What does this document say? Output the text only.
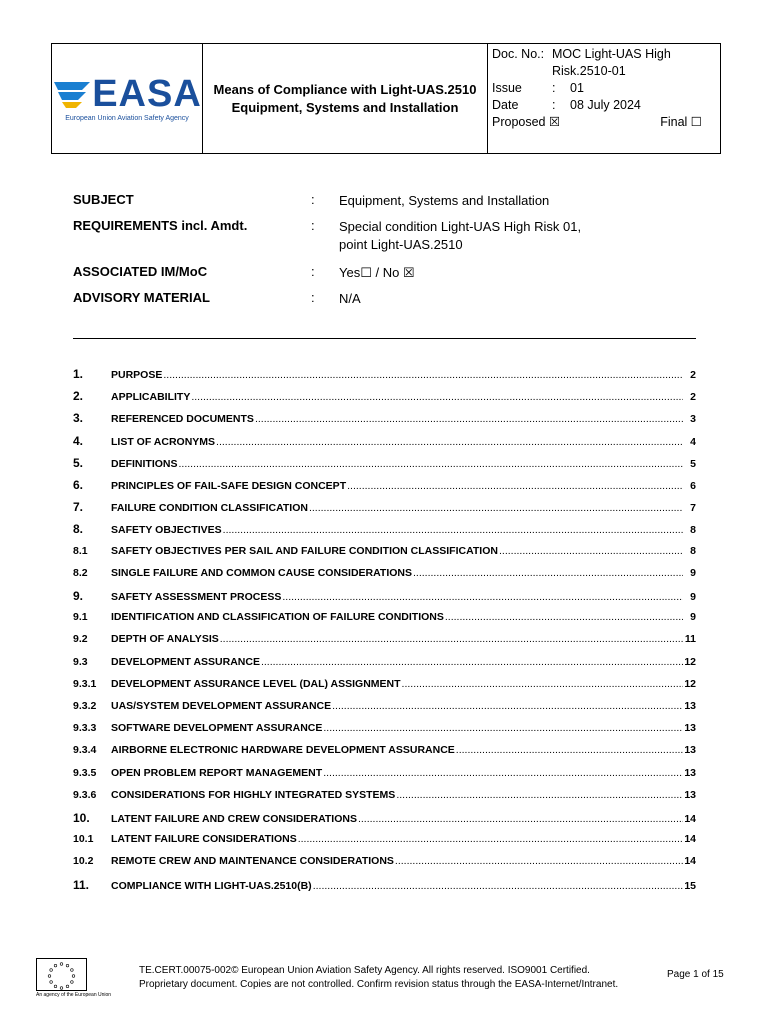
EASA
European Union Aviation Safety Agency
Means of Compliance with Light-UAS.2510
Equipment, Systems and Installation
Doc. No.: MOC Light-UAS High Risk.2510-01
Issue	:	01
Date	:	08 July 2024
Proposed ☒	Final ☐
SUBJECT	:	Equipment, Systems and Installation
REQUIREMENTS incl. Amdt.	:	Special condition Light-UAS High Risk 01,
point Light-UAS.2510
ASSOCIATED IM/MoC	:	Yes☐ / No ☒
ADVISORY MATERIAL	:	N/A
1.	PURPOSE .....	2
2.	APPLICABILITY .....	2
3.	REFERENCED DOCUMENTS .....	3
4.	LIST OF ACRONYMS .....	4
5.	DEFINITIONS .....	5
6.	PRINCIPLES OF FAIL-SAFE DESIGN CONCEPT .....	6
7.	FAILURE CONDITION CLASSIFICATION .....	7
8.	SAFETY OBJECTIVES .....	8
8.1	SAFETY OBJECTIVES PER SAIL AND FAILURE CONDITION CLASSIFICATION .....	8
8.2	SINGLE FAILURE AND COMMON CAUSE CONSIDERATIONS .....	9
9.	SAFETY ASSESSMENT PROCESS .....	9
9.1	IDENTIFICATION AND CLASSIFICATION OF FAILURE CONDITIONS .....	9
9.2	DEPTH OF ANALYSIS .....	11
9.3	DEVELOPMENT ASSURANCE .....	12
9.3.1	DEVELOPMENT ASSURANCE LEVEL (DAL) ASSIGNMENT .....	12
9.3.2	UAS/SYSTEM DEVELOPMENT ASSURANCE .....	13
9.3.3	SOFTWARE DEVELOPMENT ASSURANCE .....	13
9.3.4	AIRBORNE ELECTRONIC HARDWARE DEVELOPMENT ASSURANCE .....	13
9.3.5	OPEN PROBLEM REPORT MANAGEMENT .....	13
9.3.6	CONSIDERATIONS FOR HIGHLY INTEGRATED SYSTEMS .....	13
10.	LATENT FAILURE AND CREW CONSIDERATIONS .....	14
10.1	LATENT FAILURE CONSIDERATIONS .....	14
10.2	REMOTE CREW AND MAINTENANCE CONSIDERATIONS .....	14
11.	COMPLIANCE WITH LIGHT-UAS.2510(B) .....	15
An agency of the European Union
TE.CERT.00075-002© European Union Aviation Safety Agency. All rights reserved. ISO9001 Certified.
Proprietary document. Copies are not controlled. Confirm revision status through the EASA-Internet/Intranet.
Page 1 of 15
